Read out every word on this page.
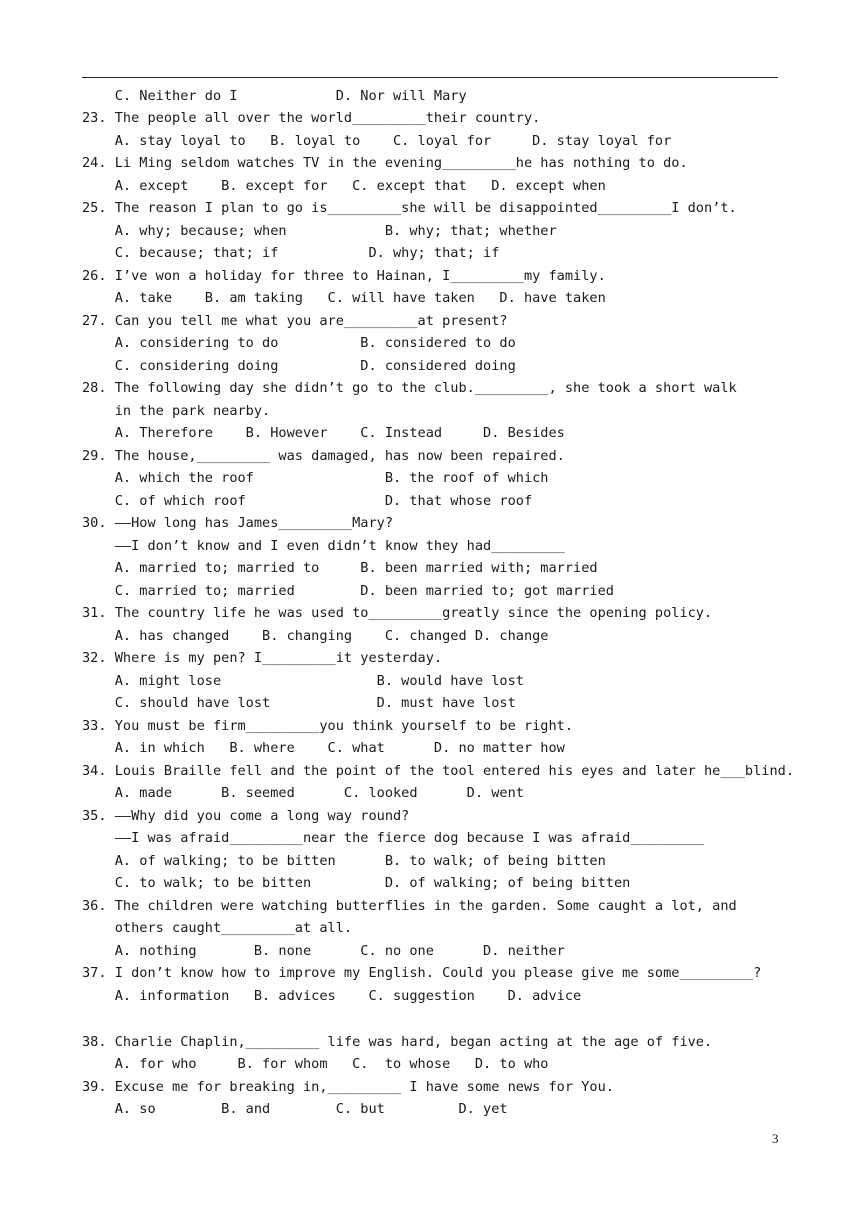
C. Neither do I            D. Nor will Mary
23. The people all over the world_________their country.
A. stay loyal to   B. loyal to    C. loyal for     D. stay loyal for
24. Li Ming seldom watches TV in the evening_________he has nothing to do.
A. except    B. except for   C. except that   D. except when
25. The reason I plan to go is_________she will be disappointed_________I don’t.
A. why; because; when            B. why; that; whether
C. because; that; if           D. why; that; if
26. I’ve won a holiday for three to Hainan, I_________my family.
A. take    B. am taking   C. will have taken   D. have taken
27. Can you tell me what you are_________at present?
A. considering to do          B. considered to do
C. considering doing          D. considered doing
28. The following day she didn’t go to the club._________, she took a short walk
in the park nearby.
A. Therefore    B. However    C. Instead     D. Besides
29. The house,_________ was damaged, has now been repaired.
A. which the roof                B. the roof of which
C. of which roof                 D. that whose roof
30. ——How long has James_________Mary?
——I don’t know and I even didn’t know they had_________
A. married to; married to     B. been married with; married
C. married to; married        D. been married to; got married
31. The country life he was used to_________greatly since the opening policy.
A. has changed    B. changing    C. changed D. change
32. Where is my pen? I_________it yesterday.
A. might lose                   B. would have lost
C. should have lost             D. must have lost
33. You must be firm_________you think yourself to be right.
A. in which   B. where    C. what      D. no matter how
34. Louis Braille fell and the point of the tool entered his eyes and later he___blind.
A. made      B. seemed      C. looked      D. went
35. ——Why did you come a long way round?
——I was afraid_________near the fierce dog because I was afraid_________
A. of walking; to be bitten      B. to walk; of being bitten
C. to walk; to be bitten         D. of walking; of being bitten
36. The children were watching butterflies in the garden. Some caught a lot, and
others caught_________at all.
A. nothing       B. none      C. no one      D. neither
37. I don’t know how to improve my English. Could you please give me some_________?
A. information   B. advices    C. suggestion    D. advice
38. Charlie Chaplin,_________ life was hard, began acting at the age of five.
A. for who     B. for whom   C.  to whose   D. to who
39. Excuse me for breaking in,_________ I have some news for You.
A. so        B. and        C. but         D. yet
3
